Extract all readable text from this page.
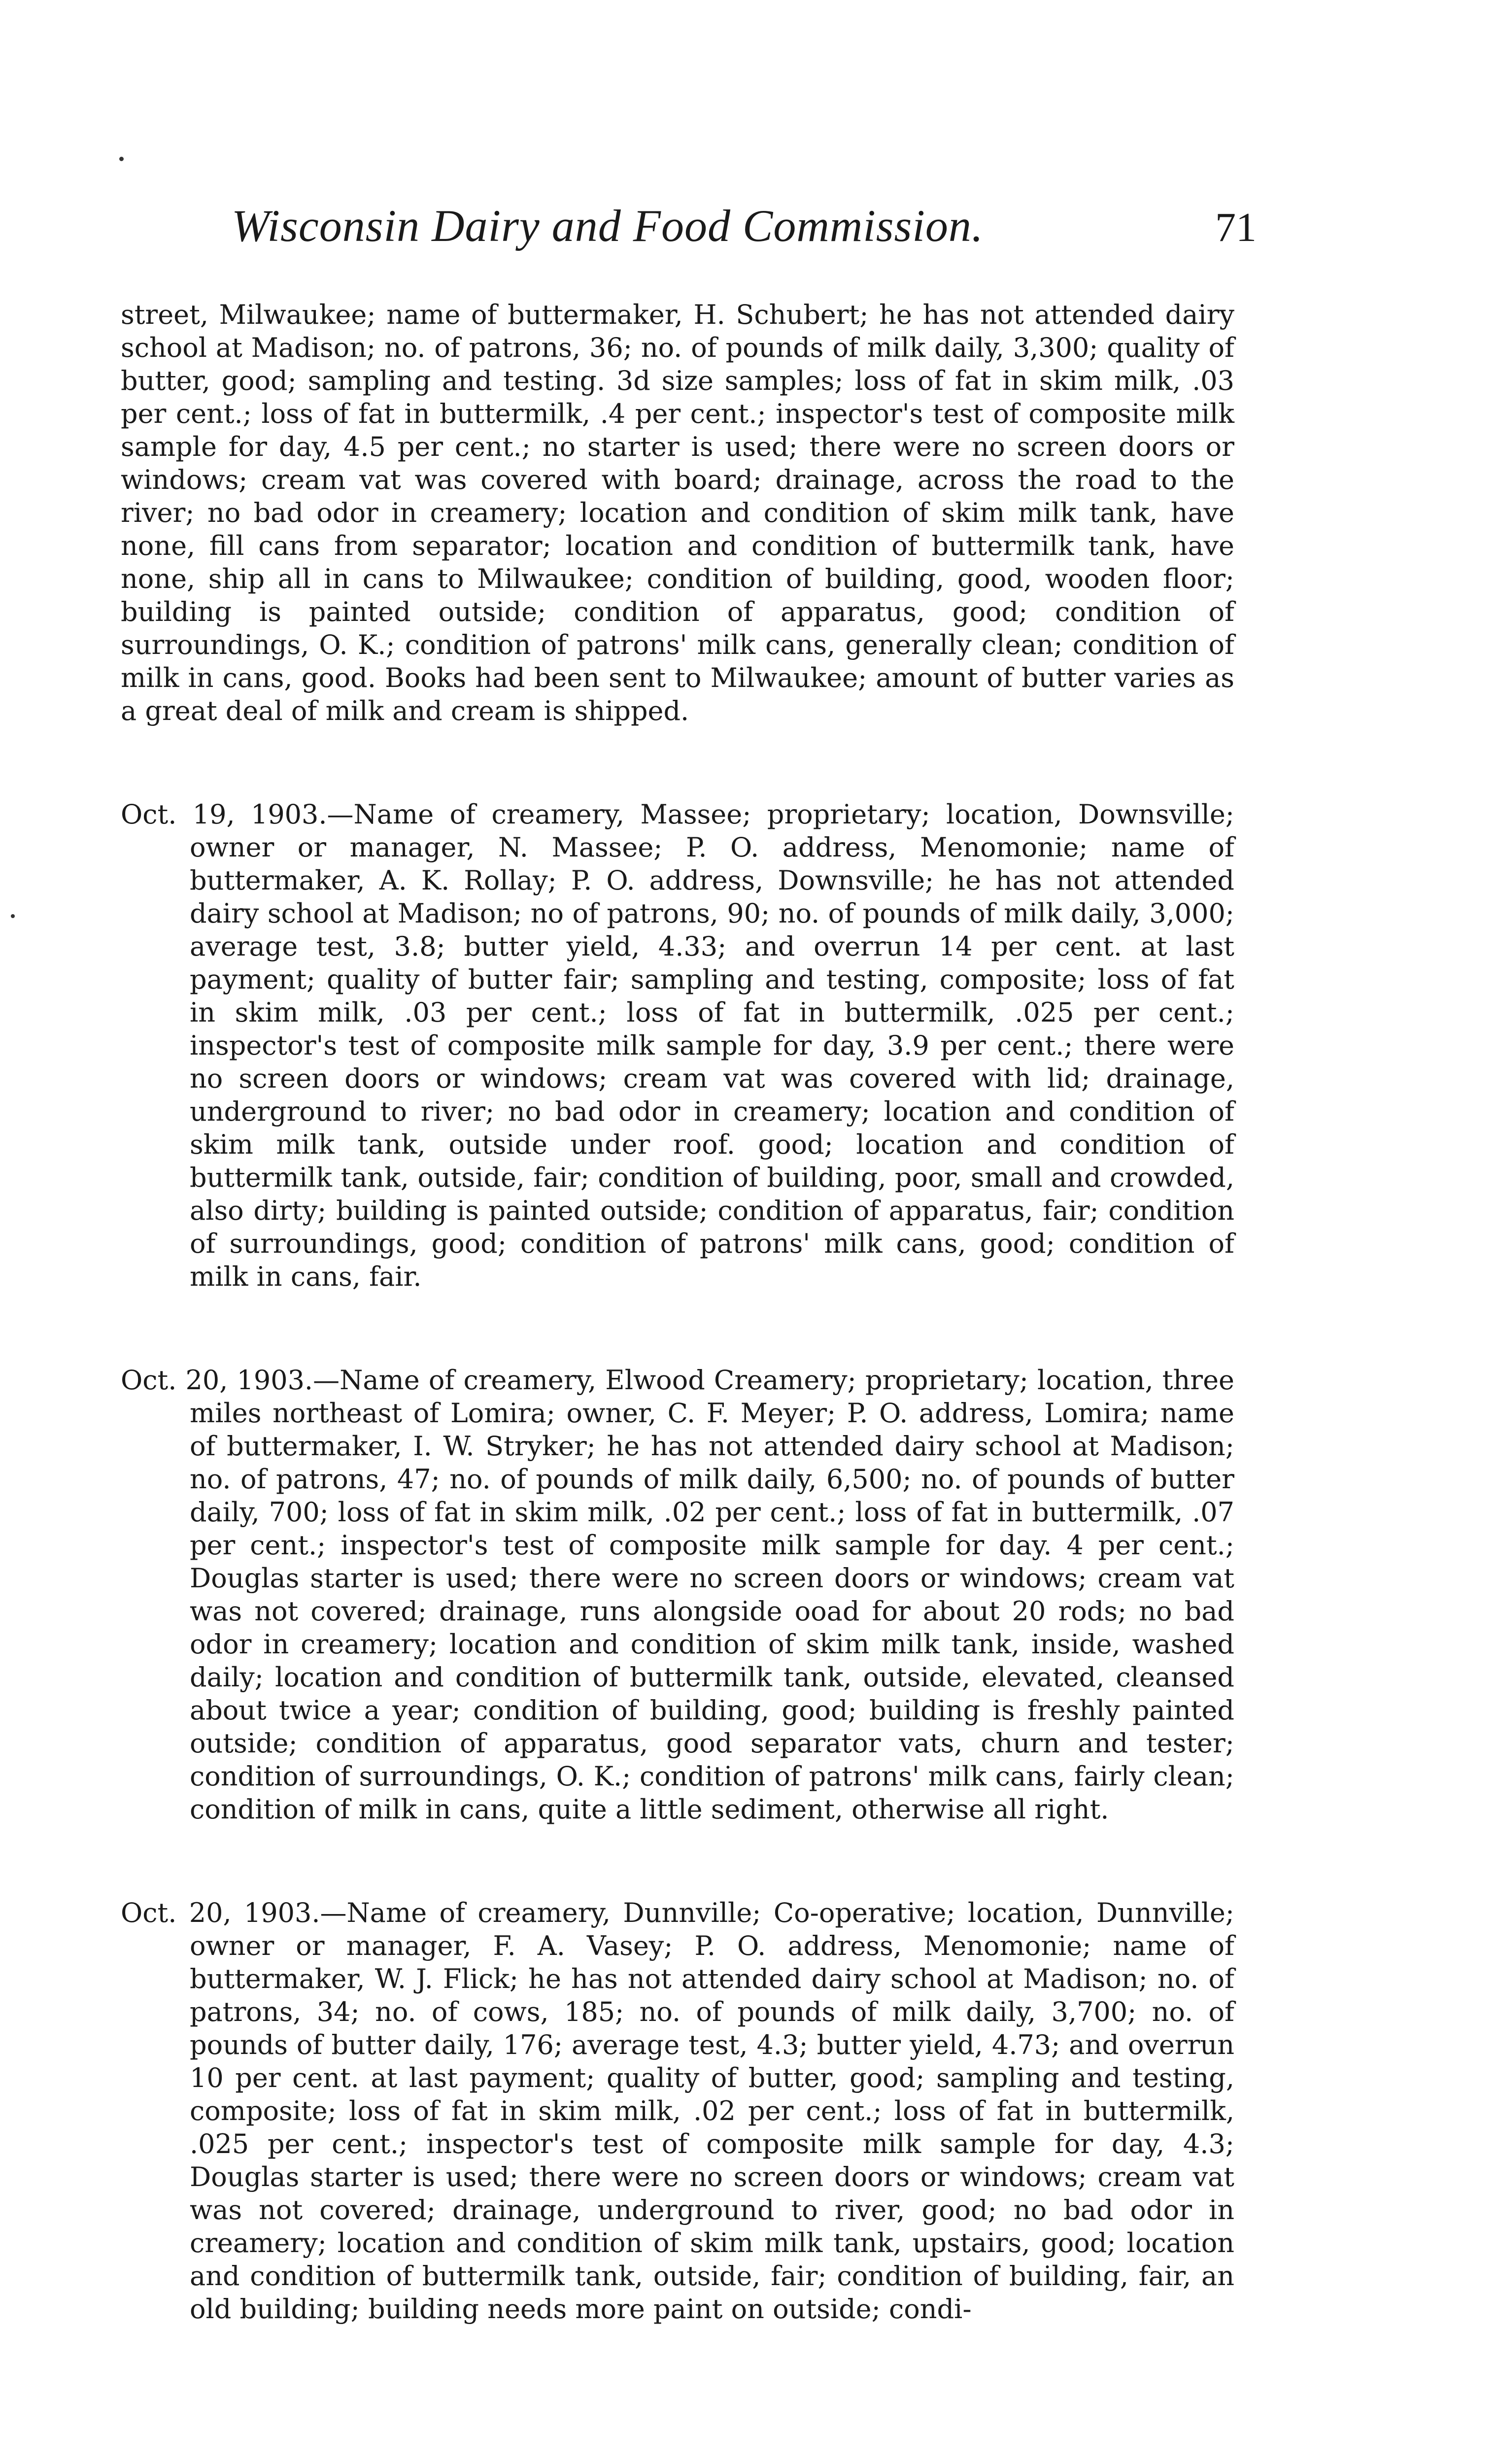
Wisconsin Dairy and Food Commission.	71

street, Milwaukee; name of buttermaker, H. Schubert; he has not attended dairy school at Madison; no. of patrons, 36; no. of pounds of milk daily, 3,300; quality of butter, good; sampling and testing. 3d size samples; loss of fat in skim milk, .03 per cent.; loss of fat in buttermilk, .4 per cent.; inspector's test of composite milk sample for day, 4.5 per cent.; no starter is used; there were no screen doors or windows; cream vat was covered with board; drainage, across the road to the river; no bad odor in creamery; location and condition of skim milk tank, have none, fill cans from separator; location and condition of buttermilk tank, have none, ship all in cans to Milwaukee; condition of building, good, wooden floor; building is painted outside; condition of apparatus, good; condition of surroundings, O. K.; condition of patrons' milk cans, generally clean; condition of milk in cans, good. Books had been sent to Milwaukee; amount of butter varies as a great deal of milk and cream is shipped.

Oct. 19, 1903.—Name of creamery, Massee; proprietary; location, Downsville; owner or manager, N. Massee; P. O. address, Menomonie; name of buttermaker, A. K. Rollay; P. O. address, Downsville; he has not attended dairy school at Madison; no of patrons, 90; no. of pounds of milk daily, 3,000; average test, 3.8; butter yield, 4.33; and overrun 14 per cent. at last payment; quality of butter fair; sampling and testing, composite; loss of fat in skim milk, .03 per cent.; loss of fat in buttermilk, .025 per cent.; inspector's test of composite milk sample for day, 3.9 per cent.; there were no screen doors or windows; cream vat was covered with lid; drainage, underground to river; no bad odor in creamery; location and condition of skim milk tank, outside under roof. good; location and condition of buttermilk tank, outside, fair; condition of building, poor, small and crowded, also dirty; building is painted outside; condition of apparatus, fair; condition of surroundings, good; condition of patrons' milk cans, good; condition of milk in cans, fair.

Oct. 20, 1903.—Name of creamery, Elwood Creamery; proprietary; location, three miles northeast of Lomira; owner, C. F. Meyer; P. O. address, Lomira; name of buttermaker, I. W. Stryker; he has not attended dairy school at Madison; no. of patrons, 47; no. of pounds of milk daily, 6,500; no. of pounds of butter daily, 700; loss of fat in skim milk, .02 per cent.; loss of fat in buttermilk, .07 per cent.; inspector's test of composite milk sample for day. 4 per cent.; Douglas starter is used; there were no screen doors or windows; cream vat was not covered; drainage, runs alongside ooad for about 20 rods; no bad odor in creamery; location and condition of skim milk tank, inside, washed daily; location and condition of buttermilk tank, outside, elevated, cleansed about twice a year; condition of building, good; building is freshly painted outside; condition of apparatus, good separator vats, churn and tester; condition of surroundings, O. K.; condition of patrons' milk cans, fairly clean; condition of milk in cans, quite a little sediment, otherwise all right.

Oct. 20, 1903.—Name of creamery, Dunnville; Co-operative; location, Dunnville; owner or manager, F. A. Vasey; P. O. address, Menomonie; name of buttermaker, W. J. Flick; he has not attended dairy school at Madison; no. of patrons, 34; no. of cows, 185; no. of pounds of milk daily, 3,700; no. of pounds of butter daily, 176; average test, 4.3; butter yield, 4.73; and overrun 10 per cent. at last payment; quality of butter, good; sampling and testing, composite; loss of fat in skim milk, .02 per cent.; loss of fat in buttermilk, .025 per cent.; inspector's test of composite milk sample for day, 4.3; Douglas starter is used; there were no screen doors or windows; cream vat was not covered; drainage, underground to river, good; no bad odor in creamery; location and condition of skim milk tank, upstairs, good; location and condition of buttermilk tank, outside, fair; condition of building, fair, an old building; building needs more paint on outside; condi-
